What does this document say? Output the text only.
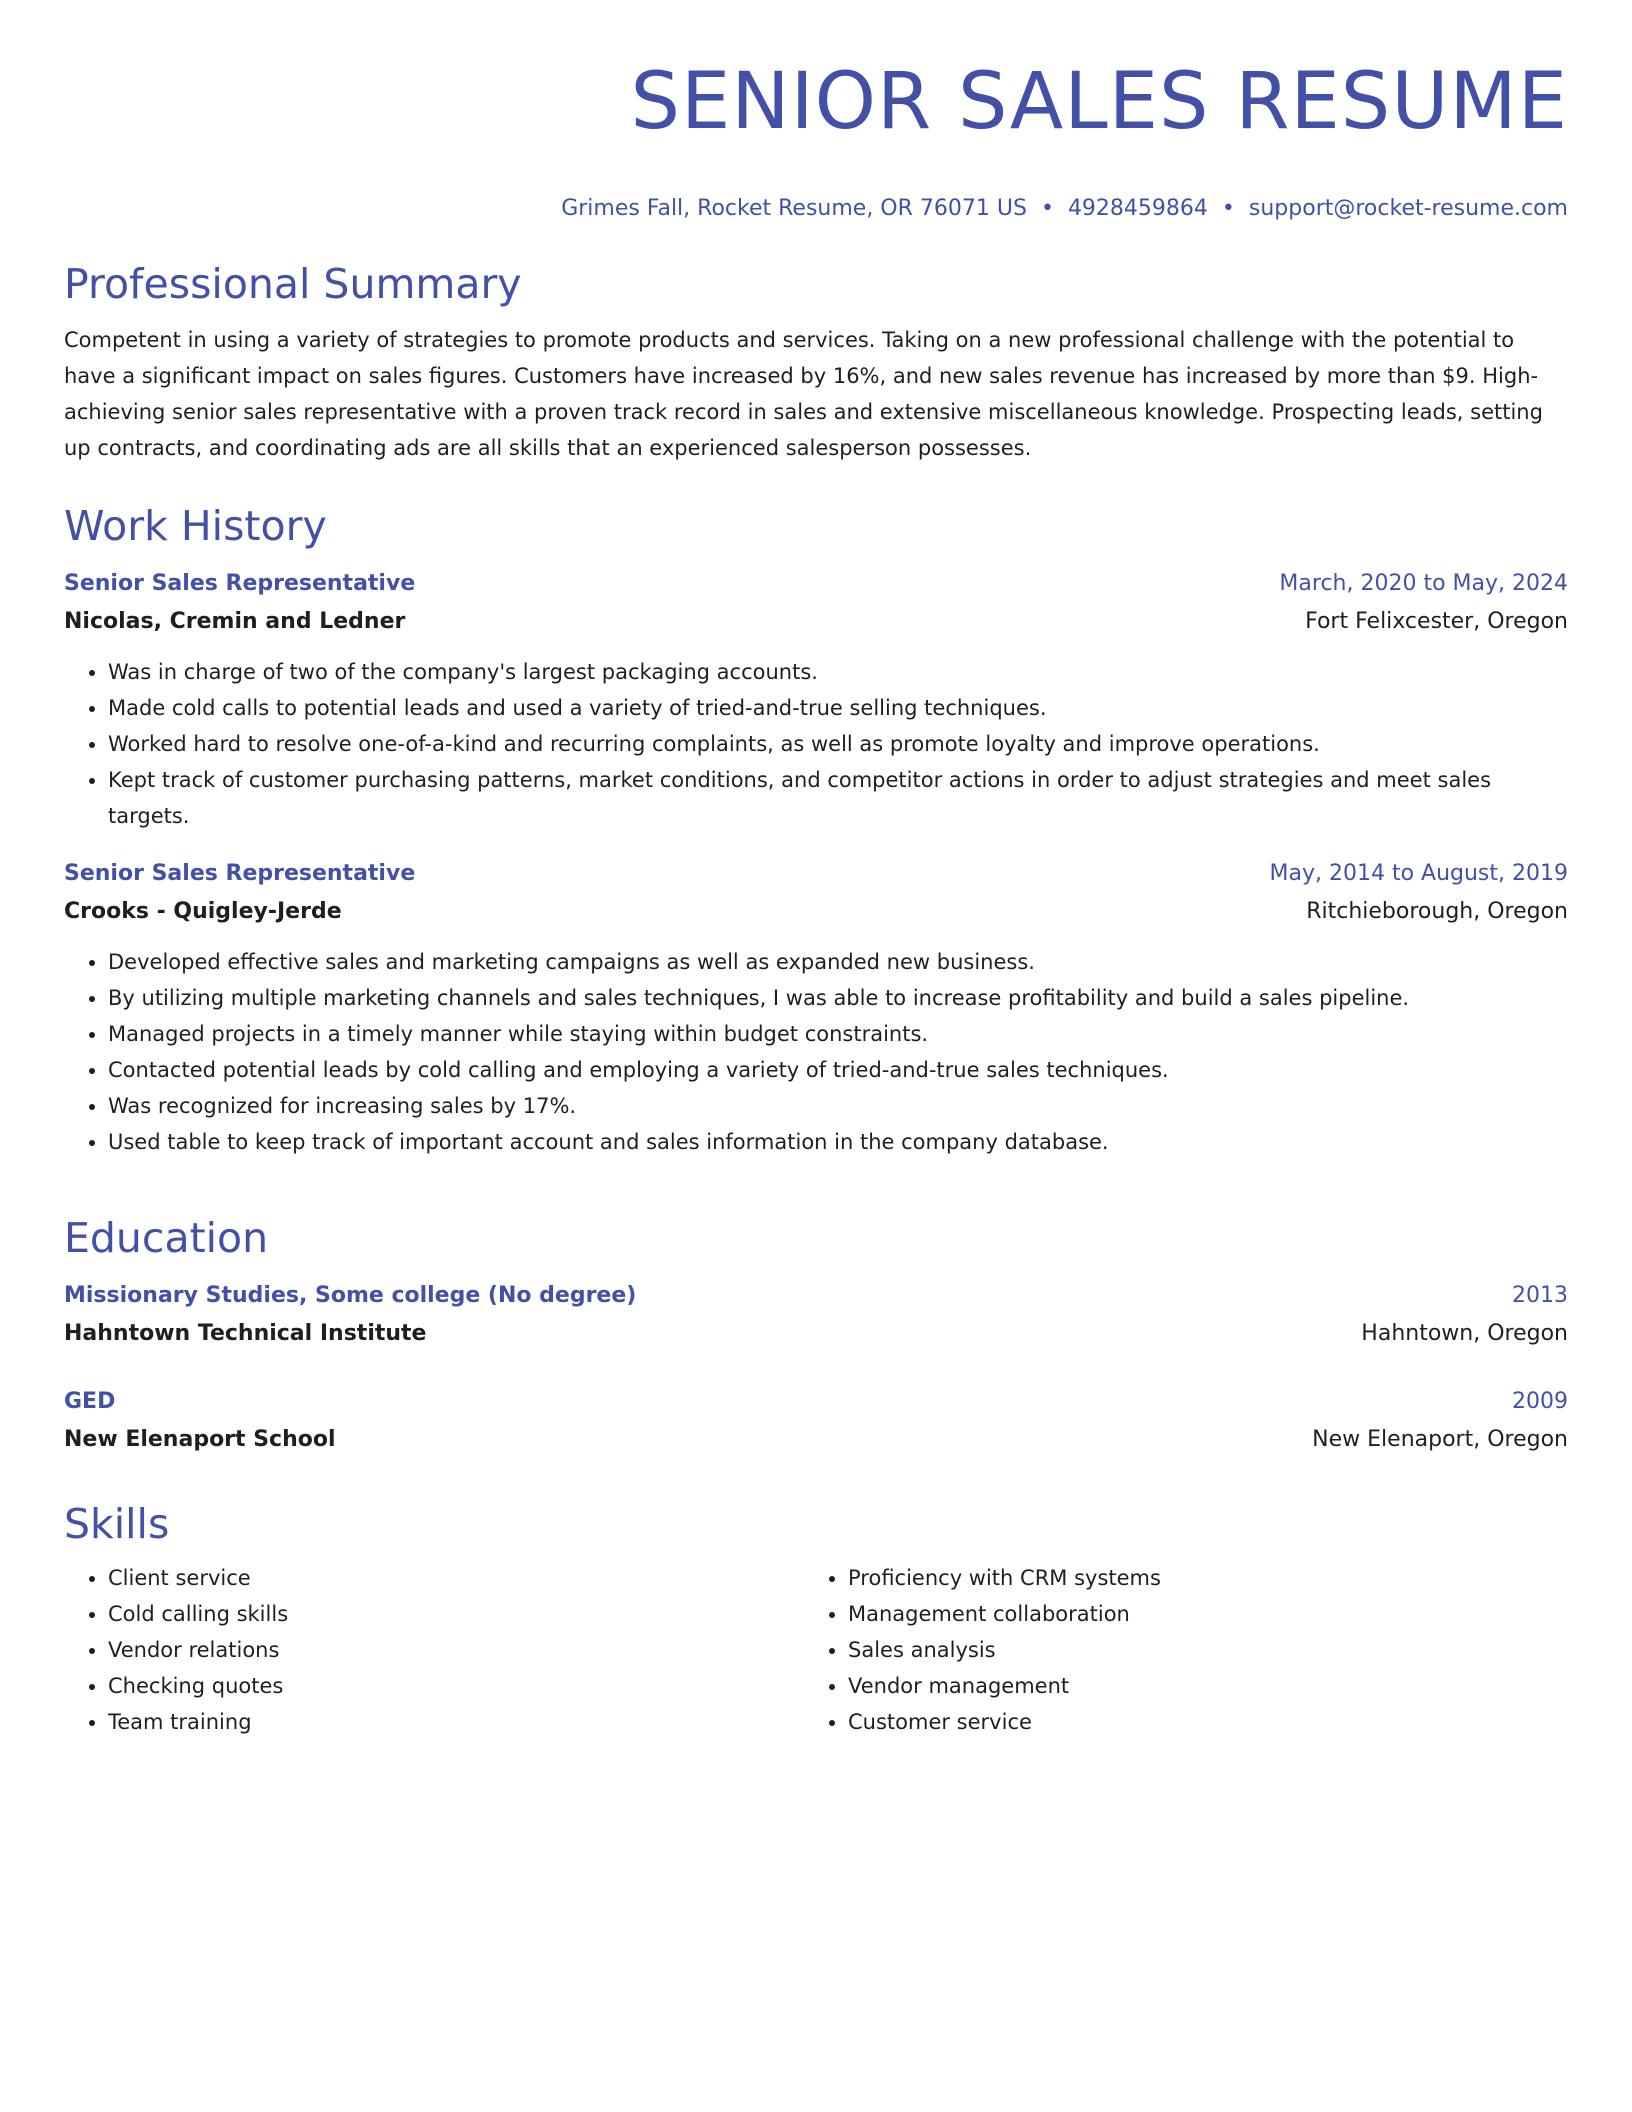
SENIOR SALES RESUME
Grimes Fall, Rocket Resume, OR 76071 US • 4928459864 • support@rocket-resume.com
Professional Summary
Competent in using a variety of strategies to promote products and services. Taking on a new professional challenge with the potential to have a significant impact on sales figures. Customers have increased by 16%, and new sales revenue has increased by more than $9. High-achieving senior sales representative with a proven track record in sales and extensive miscellaneous knowledge. Prospecting leads, setting up contracts, and coordinating ads are all skills that an experienced salesperson possesses.
Work History
Senior Sales Representative	March, 2020 to May, 2024
Nicolas, Cremin and Ledner	Fort Felixcester, Oregon
• Was in charge of two of the company's largest packaging accounts.
• Made cold calls to potential leads and used a variety of tried-and-true selling techniques.
• Worked hard to resolve one-of-a-kind and recurring complaints, as well as promote loyalty and improve operations.
• Kept track of customer purchasing patterns, market conditions, and competitor actions in order to adjust strategies and meet sales targets.
Senior Sales Representative	May, 2014 to August, 2019
Crooks - Quigley-Jerde	Ritchieborough, Oregon
• Developed effective sales and marketing campaigns as well as expanded new business.
• By utilizing multiple marketing channels and sales techniques, I was able to increase profitability and build a sales pipeline.
• Managed projects in a timely manner while staying within budget constraints.
• Contacted potential leads by cold calling and employing a variety of tried-and-true sales techniques.
• Was recognized for increasing sales by 17%.
• Used table to keep track of important account and sales information in the company database.
Education
Missionary Studies, Some college (No degree)	2013
Hahntown Technical Institute	Hahntown, Oregon
GED	2009
New Elenaport School	New Elenaport, Oregon
Skills
• Client service
• Cold calling skills
• Vendor relations
• Checking quotes
• Team training
• Proficiency with CRM systems
• Management collaboration
• Sales analysis
• Vendor management
• Customer service
